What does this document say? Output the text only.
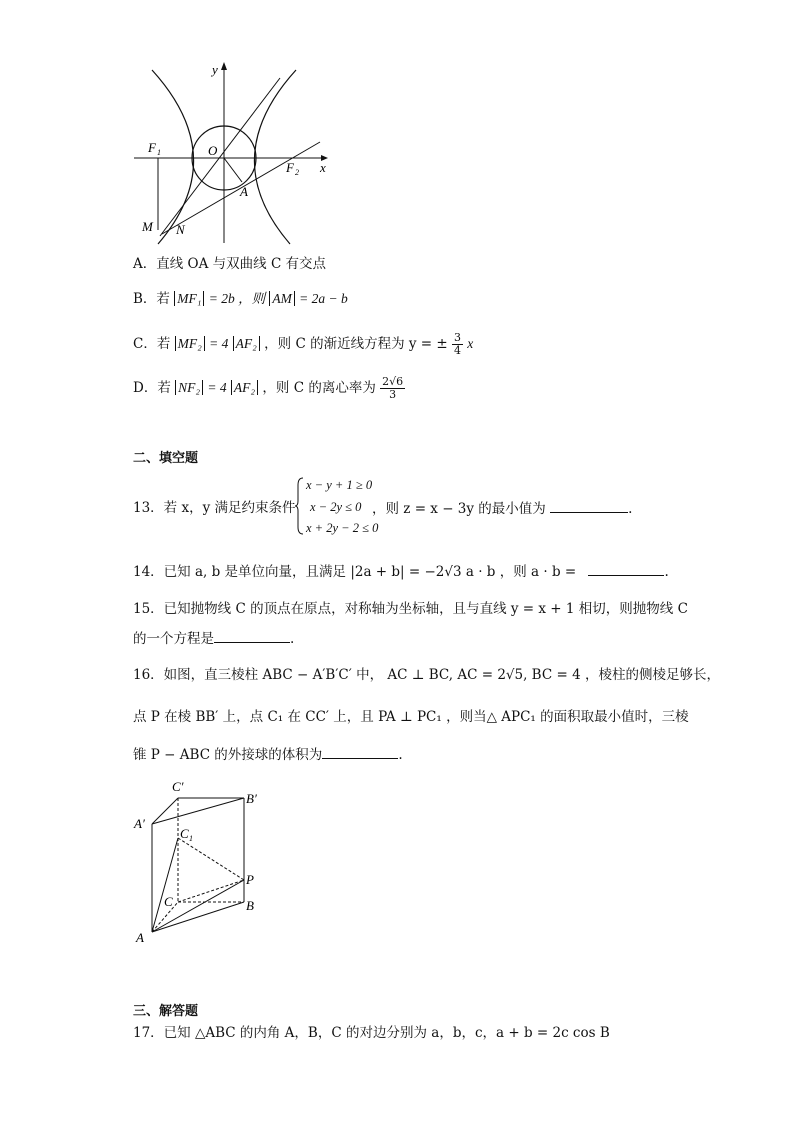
y
x
O
F 1
F 2
A
M N
A．直线 OA 与双曲线 C 有交点
B．若 MF₁ = 2b ，则 AM = 2a − b
C．若 MF₂ = 4 AF₂ ，则 C 的渐近线方程为 y = ± $\frac{3}{4}$ x
D．若 NF₂ = 4 AF₂ ，则 C 的离心率为 $\frac{2√6}{3}$
二、填空题
13．若 x，y 满足约束条件
x − y + 1 ≥ 0
x − 2y ≤ 0
x + 2y − 2 ≤ 0
，则 z = x − 3y 的最小值为	.
14．已知 a, b 是单位向量，且满足 |2a + b| = −2√3 a · b ，则 a · b =	.
15．已知抛物线 C 的顶点在原点，对称轴为坐标轴，且与直线 y = x + 1 相切，则抛物线 C
的一个方程是	.
16．如图，直三棱柱 ABC − A′B′C′ 中， AC ⊥ BC, AC = 2√5, BC = 4 ，棱柱的侧棱足够长，
点 P 在棱 BB′ 上，点 C₁ 在 CC′ 上，且 PA ⊥ PC₁ ，则当△ APC₁ 的面积取最小值时，三棱
锥 P − ABC 的外接球的体积为	.
C′
B′
A′
C 1
C
P
B
A
三、解答题
17．已知 △ABC 的内角 A，B，C 的对边分别为 a，b，c，a + b = 2c cos B
